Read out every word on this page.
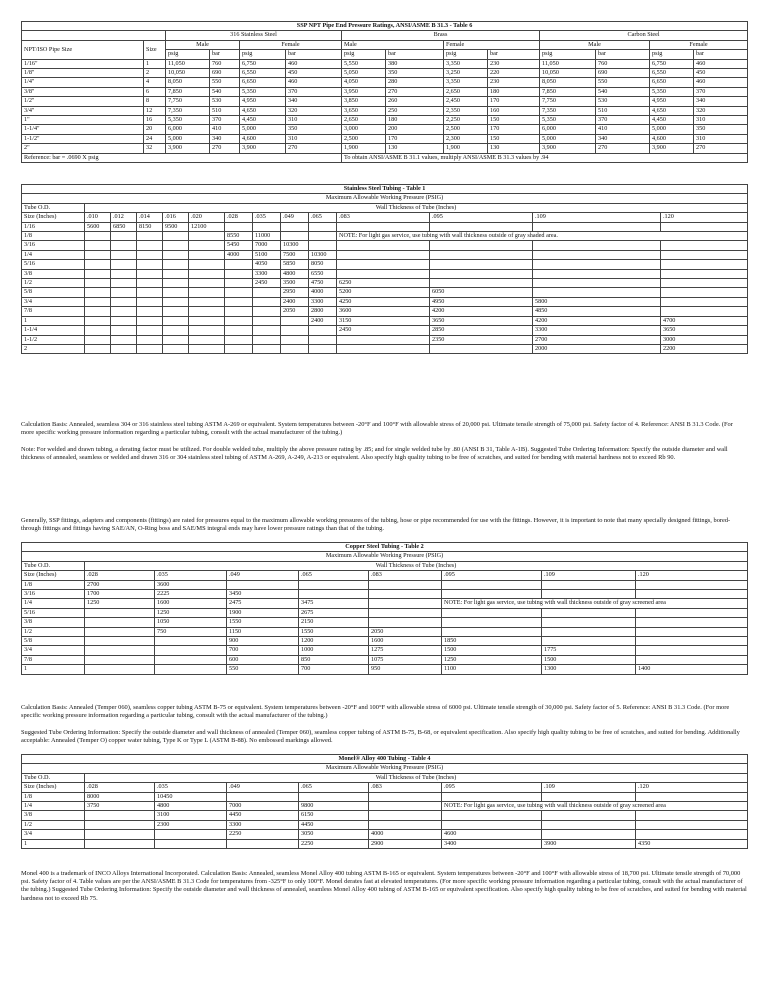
SSP NPT Pipe End Pressure Ratings, ANSI/ASME B 31.3 - Table 6													
		316 Stainless Steel				Brass				Carbon Steel			
NPT/ISO Pipe Size	Size	Male		Female		Male		Female		Male		Female	
		psig	bar	psig	bar	psig	bar	psig	bar	psig	bar	psig	bar
1/16"	1	11,050	760	6,750	460	5,550	380	3,350	230	11,050	760	6,750	460
1/8"	2	10,050	690	6,550	450	5,050	350	3,250	220	10,050	690	6,550	450
1/4"	4	8,050	550	6,650	460	4,050	280	3,350	230	8,050	550	6,650	460
3/8"	6	7,850	540	5,350	370	3,950	270	2,650	180	7,850	540	5,350	370
1/2"	8	7,750	530	4,950	340	3,850	260	2,450	170	7,750	530	4,950	340
3/4"	12	7,350	510	4,650	320	3,650	250	2,350	160	7,350	510	4,650	320
1"	16	5,350	370	4,450	310	2,650	180	2,250	150	5,350	370	4,450	310
1-1/4"	20	6,000	410	5,000	350	3,000	200	2,500	170	6,000	410	5,000	350
1-1/2"	24	5,000	340	4,600	310	2,500	170	2,300	150	5,000	340	4,600	310
2"	32	3,900	270	3,900	270	1,900	130	1,900	130	3,900	270	3,900	270
Reference: bar = .0690 X psig						To obtain ANSI/ASME B 31.1 values, multiply ANSI/ASME B 31.3 values by .94							
Stainless Steel Tubing - Table 1													
Maximum Allowable Working Pressure (PSIG)													
Tube O.D.	Wall Thickness of Tube (Inches)												
Size (Inches)	.010	.012	.014	.016	.020	.028	.035	.049	.065	.083	.095	.109	.120
1/16	5600	6850	8150	9500	12100								
1/8						8550	11000			NOTE: For light gas service, use tubing with wall thickness outside of gray shaded area.			
3/16						5450	7000	10300					
1/4						4000	5100	7500	10300				
5/16							4050	5850	8050				
3/8							3300	4800	6550				
1/2							2450	3500	4750	6250			
5/8								2950	4000	5200	6050		
3/4								2400	3300	4250	4950	5800	
7/8								2050	2800	3600	4200	4850	
1									2400	3150	3650	4200	4700
1-1/4										2450	2850	3300	3650
1-1/2											2350	2700	3000
2												2000	2200

Calculation Basis: Annealed, seamless 304 or 316 stainless steel tubing ASTM A-269 or equivalent. System temperatures between -20°F and 100°F with allowable stress of 20,000 psi. Ultimate tensile strength of 75,000 psi. Safety factor of 4. Reference: ANSI B 31.3 Code. (For more specific working pressure information regarding a particular tubing, consult with the actual manufacturer of the tubing.)

Note: For welded and drawn tubing, a derating factor must be utilized. For double welded tube, multiply the above pressure rating by .85; and for single welded tube by .80 (ANSI B 31, Table A-1B). Suggested Tube Ordering Information: Specify the outside diameter and wall thickness of annealed, seamless or welded and drawn 316 or 304 stainless steel tubing of ASTM A-269, A-249, A-213 or equivalent. Also specify high quality tubing to be free of scratches, and suited for bending with material hardness not to exceed Rb 90.

Generally, SSP fittings, adapters and components (fittings) are rated for pressures equal to the maximum allowable working pressures of the tubing, hose or pipe recommended for use with the fittings. However, it is important to note that many specially designed fittings, bored-through fittings and fittings having SAE/AN, O-Ring boss and SAE/MS integral ends may have lower pressure ratings than that of the tubing.

Copper Steel Tubing - Table 2								
Maximum Allowable Working Pressure (PSIG)								
Tube O.D.	Wall Thickness of Tube (Inches)							
Size (Inches)	.028	.035	.049	.065	.083	.095	.109	.120
1/8	2700	3600						
3/16	1700	2225	3450					
1/4	1250	1600	2475	3475		NOTE: For light gas service, use tubing with wall thickness outside of gray screened area		
5/16		1250	1900	2675				
3/8		1050	1550	2150				
1/2		750	1150	1550	2050			
5/8			900	1200	1600	1850		
3/4			700	1000	1275	1500	1775	
7/8			600	850	1075	1250	1500	
1			550	700	950	1100	1300	1400

Calculation Basis: Annealed (Temper 060), seamless copper tubing ASTM B-75 or equivalent. System temperatures between -20°F and 100°F with allowable stress of 6000 psi. Ultimate tensile strength of 30,000 psi. Safety factor of 5. Reference: ANSI B 31.3 Code. (For more specific working pressure information regarding a particular tubing, consult with the actual manufacturer of the tubing.)

Suggested Tube Ordering Information: Specify the outside diameter and wall thickness of annealed (Temper 060), seamless copper tubing of ASTM B-75, B-68, or equivalent specification. Also specify high quality tubing to be free of scratches, and suited for bending. Additionally acceptable: Annealed (Temper O) copper water tubing, Type K or Type L (ASTM B-88). No embossed markings allowed.

Monel® Alloy 400 Tubing - Table 4								
Maximum Allowable Working Pressure (PSIG)								
Tube O.D.	Wall Thickness of Tube (Inches)							
Size (Inches)	.028	.035	.049	.065	.083	.095	.109	.120
1/8	8000	10450						
1/4	3750	4800	7000	9800		NOTE: For light gas service, use tubing with wall thickness outside of gray screened area		
3/8		3100	4450	6150				
1/2		2300	3300	4450				
3/4			2250	3050	4000	4600		
1				2250	2900	3400	3900	4350

Monel 400 is a trademark of INCO Alloys International Incorporated. Calculation Basis: Annealed, seamless Monel Alloy 400 tubing ASTM B-165 or equivalent. System temperatures between -20°F and 100°F with allowable stress of 18,700 psi. Ultimate tensile strength of 70,000 psi. Safety factor of 4. Table values are per the ANSI/ASME B 31.3 Code for temperatures from -325°F to only 100°F. Monel derates fast at elevated temperatures. (For more specific working pressure information regarding a particular tubing, consult with the actual manufacturer of the tubing.) Suggested Tube Ordering Information: Specify the outside diameter and wall thickness of annealed, seamless Monel Alloy 400 tubing of ASTM B-165 or equivalent specification. Also specify high quality tubing to be free of scratches, and suited for bending with material hardness not to exceed Rb 75.
